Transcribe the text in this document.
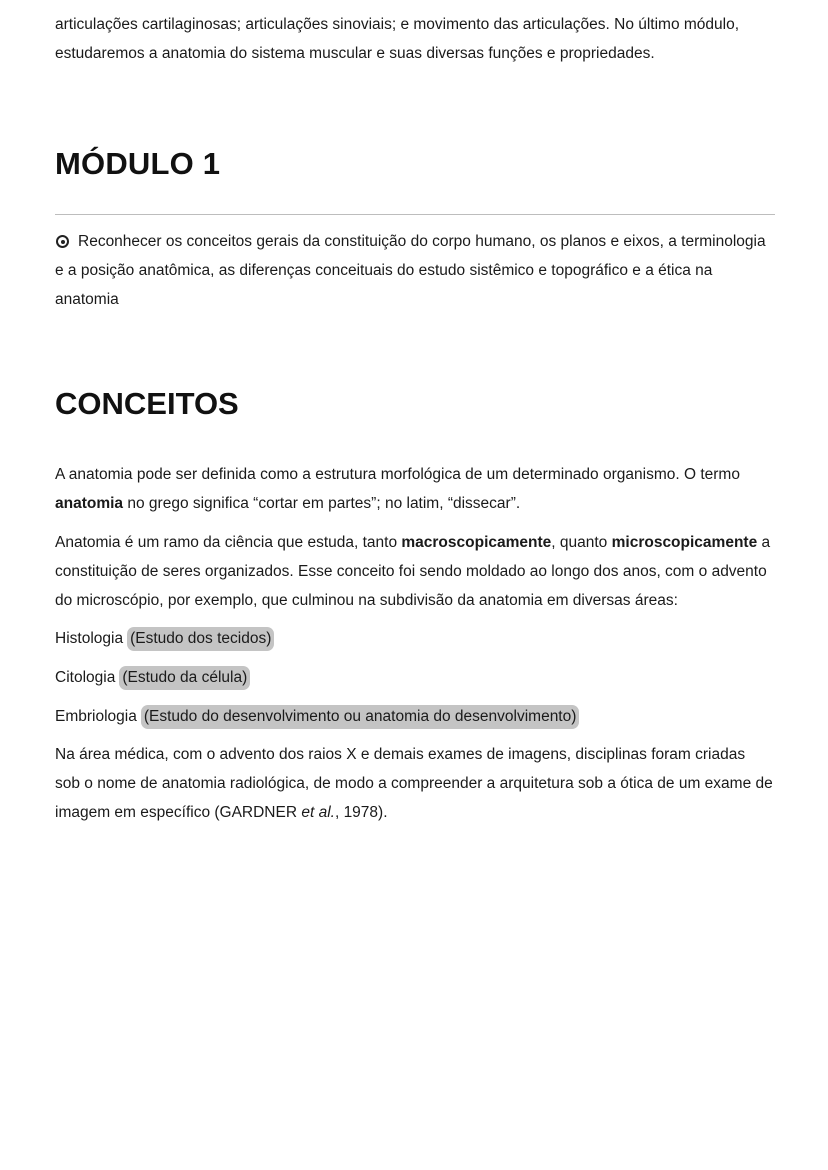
articulações cartilaginosas; articulações sinoviais; e movimento das articulações. No último módulo, estudaremos a anatomia do sistema muscular e suas diversas funções e propriedades.

MÓDULO 1

Reconhecer os conceitos gerais da constituição do corpo humano, os planos e eixos, a terminologia e a posição anatômica, as diferenças conceituais do estudo sistêmico e topográfico e a ética na anatomia

CONCEITOS

A anatomia pode ser definida como a estrutura morfológica de um determinado organismo. O termo anatomia no grego significa “cortar em partes”; no latim, “dissecar”.

Anatomia é um ramo da ciência que estuda, tanto macroscopicamente, quanto microscopicamente a constituição de seres organizados. Esse conceito foi sendo moldado ao longo dos anos, com o advento do microscópio, por exemplo, que culminou na subdivisão da anatomia em diversas áreas:

Histologia (Estudo dos tecidos)

Citologia (Estudo da célula)

Embriologia (Estudo do desenvolvimento ou anatomia do desenvolvimento)

Na área médica, com o advento dos raios X e demais exames de imagens, disciplinas foram criadas sob o nome de anatomia radiológica, de modo a compreender a arquitetura sob a ótica de um exame de imagem em específico (GARDNER et al., 1978).
